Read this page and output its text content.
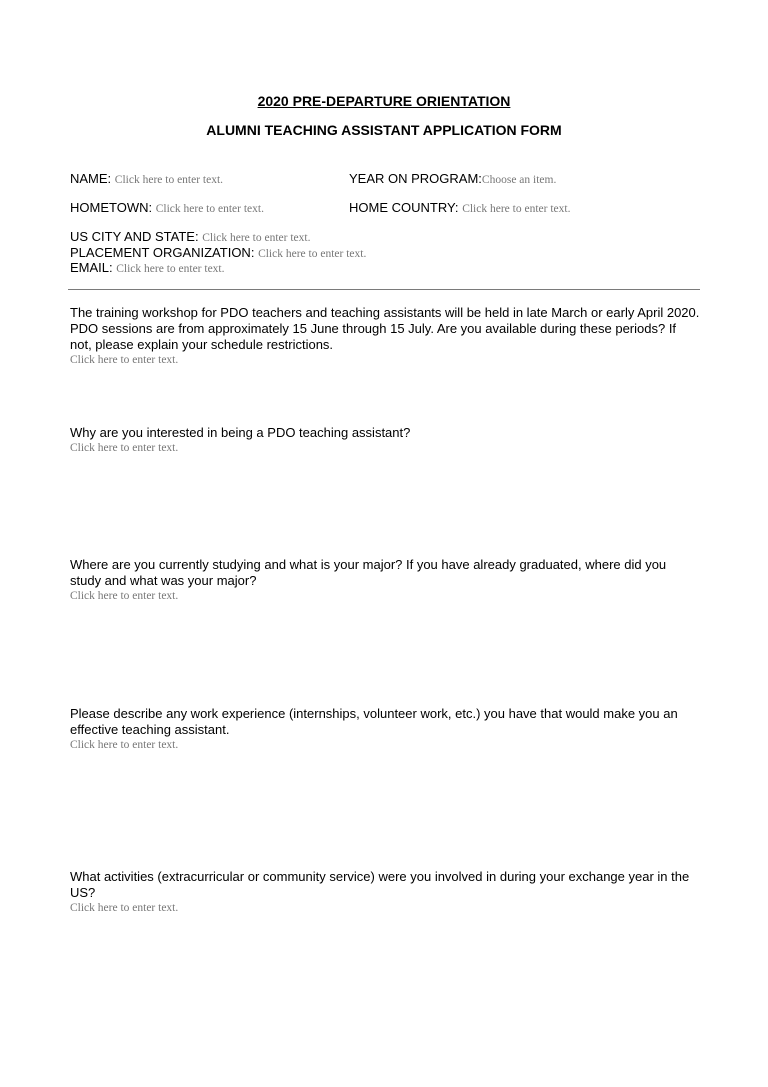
2020 PRE-DEPARTURE ORIENTATION
ALUMNI TEACHING ASSISTANT APPLICATION FORM
NAME: Click here to enter text.	YEAR ON PROGRAM:Choose an item.
HOMETOWN: Click here to enter text.	HOME COUNTRY: Click here to enter text.
US CITY AND STATE: Click here to enter text.
PLACEMENT ORGANIZATION: Click here to enter text.
EMAIL: Click here to enter text.
The training workshop for PDO teachers and teaching assistants will be held in late March or early April 2020. PDO sessions are from approximately 15 June through 15 July. Are you available during these periods? If not, please explain your schedule restrictions.
Click here to enter text.
Why are you interested in being a PDO teaching assistant?
Click here to enter text.
Where are you currently studying and what is your major? If you have already graduated, where did you study and what was your major?
Click here to enter text.
Please describe any work experience (internships, volunteer work, etc.) you have that would make you an effective teaching assistant.
Click here to enter text.
What activities (extracurricular or community service) were you involved in during your exchange year in the US?
Click here to enter text.
